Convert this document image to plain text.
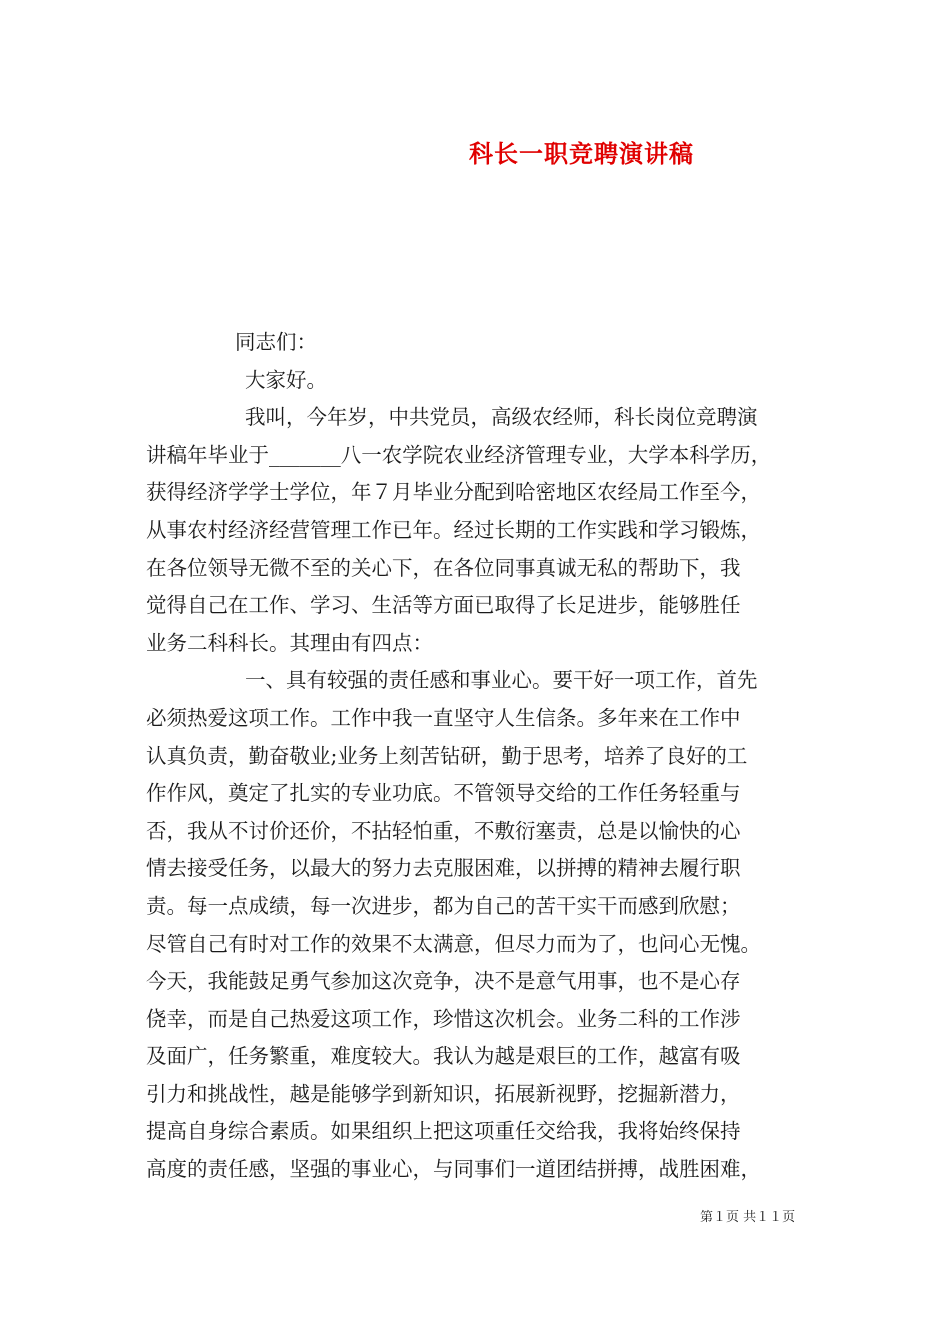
科长一职竞聘演讲稿
同志们：
大家好。
我叫，今年岁，中共党员，高级农经师，科长岗位竞聘演
讲稿年毕业于_______八一农学院农业经济管理专业，大学本科学历，
获得经济学学士学位，年７月毕业分配到哈密地区农经局工作至今，
从事农村经济经营管理工作已年。经过长期的工作实践和学习锻炼，
在各位领导无微不至的关心下，在各位同事真诚无私的帮助下，我
觉得自己在工作、学习、生活等方面已取得了长足进步，能够胜任
业务二科科长。其理由有四点：
一、具有较强的责任感和事业心。要干好一项工作，首先
必须热爱这项工作。工作中我一直坚守人生信条。多年来在工作中
认真负责，勤奋敬业;业务上刻苦钻研，勤于思考，培养了良好的工
作作风，奠定了扎实的专业功底。不管领导交给的工作任务轻重与
否，我从不讨价还价，不拈轻怕重，不敷衍塞责，总是以愉快的心
情去接受任务，以最大的努力去克服困难，以拼搏的精神去履行职
责。每一点成绩，每一次进步，都为自己的苦干实干而感到欣慰；
尽管自己有时对工作的效果不太满意，但尽力而为了，也问心无愧。
今天，我能鼓足勇气参加这次竞争，决不是意气用事，也不是心存
侥幸，而是自己热爱这项工作，珍惜这次机会。业务二科的工作涉
及面广，任务繁重，难度较大。我认为越是艰巨的工作，越富有吸
引力和挑战性，越是能够学到新知识，拓展新视野，挖掘新潜力，
提高自身综合素质。如果组织上把这项重任交给我，我将始终保持
高度的责任感，坚强的事业心，与同事们一道团结拼搏，战胜困难，
第１页 共１１页
